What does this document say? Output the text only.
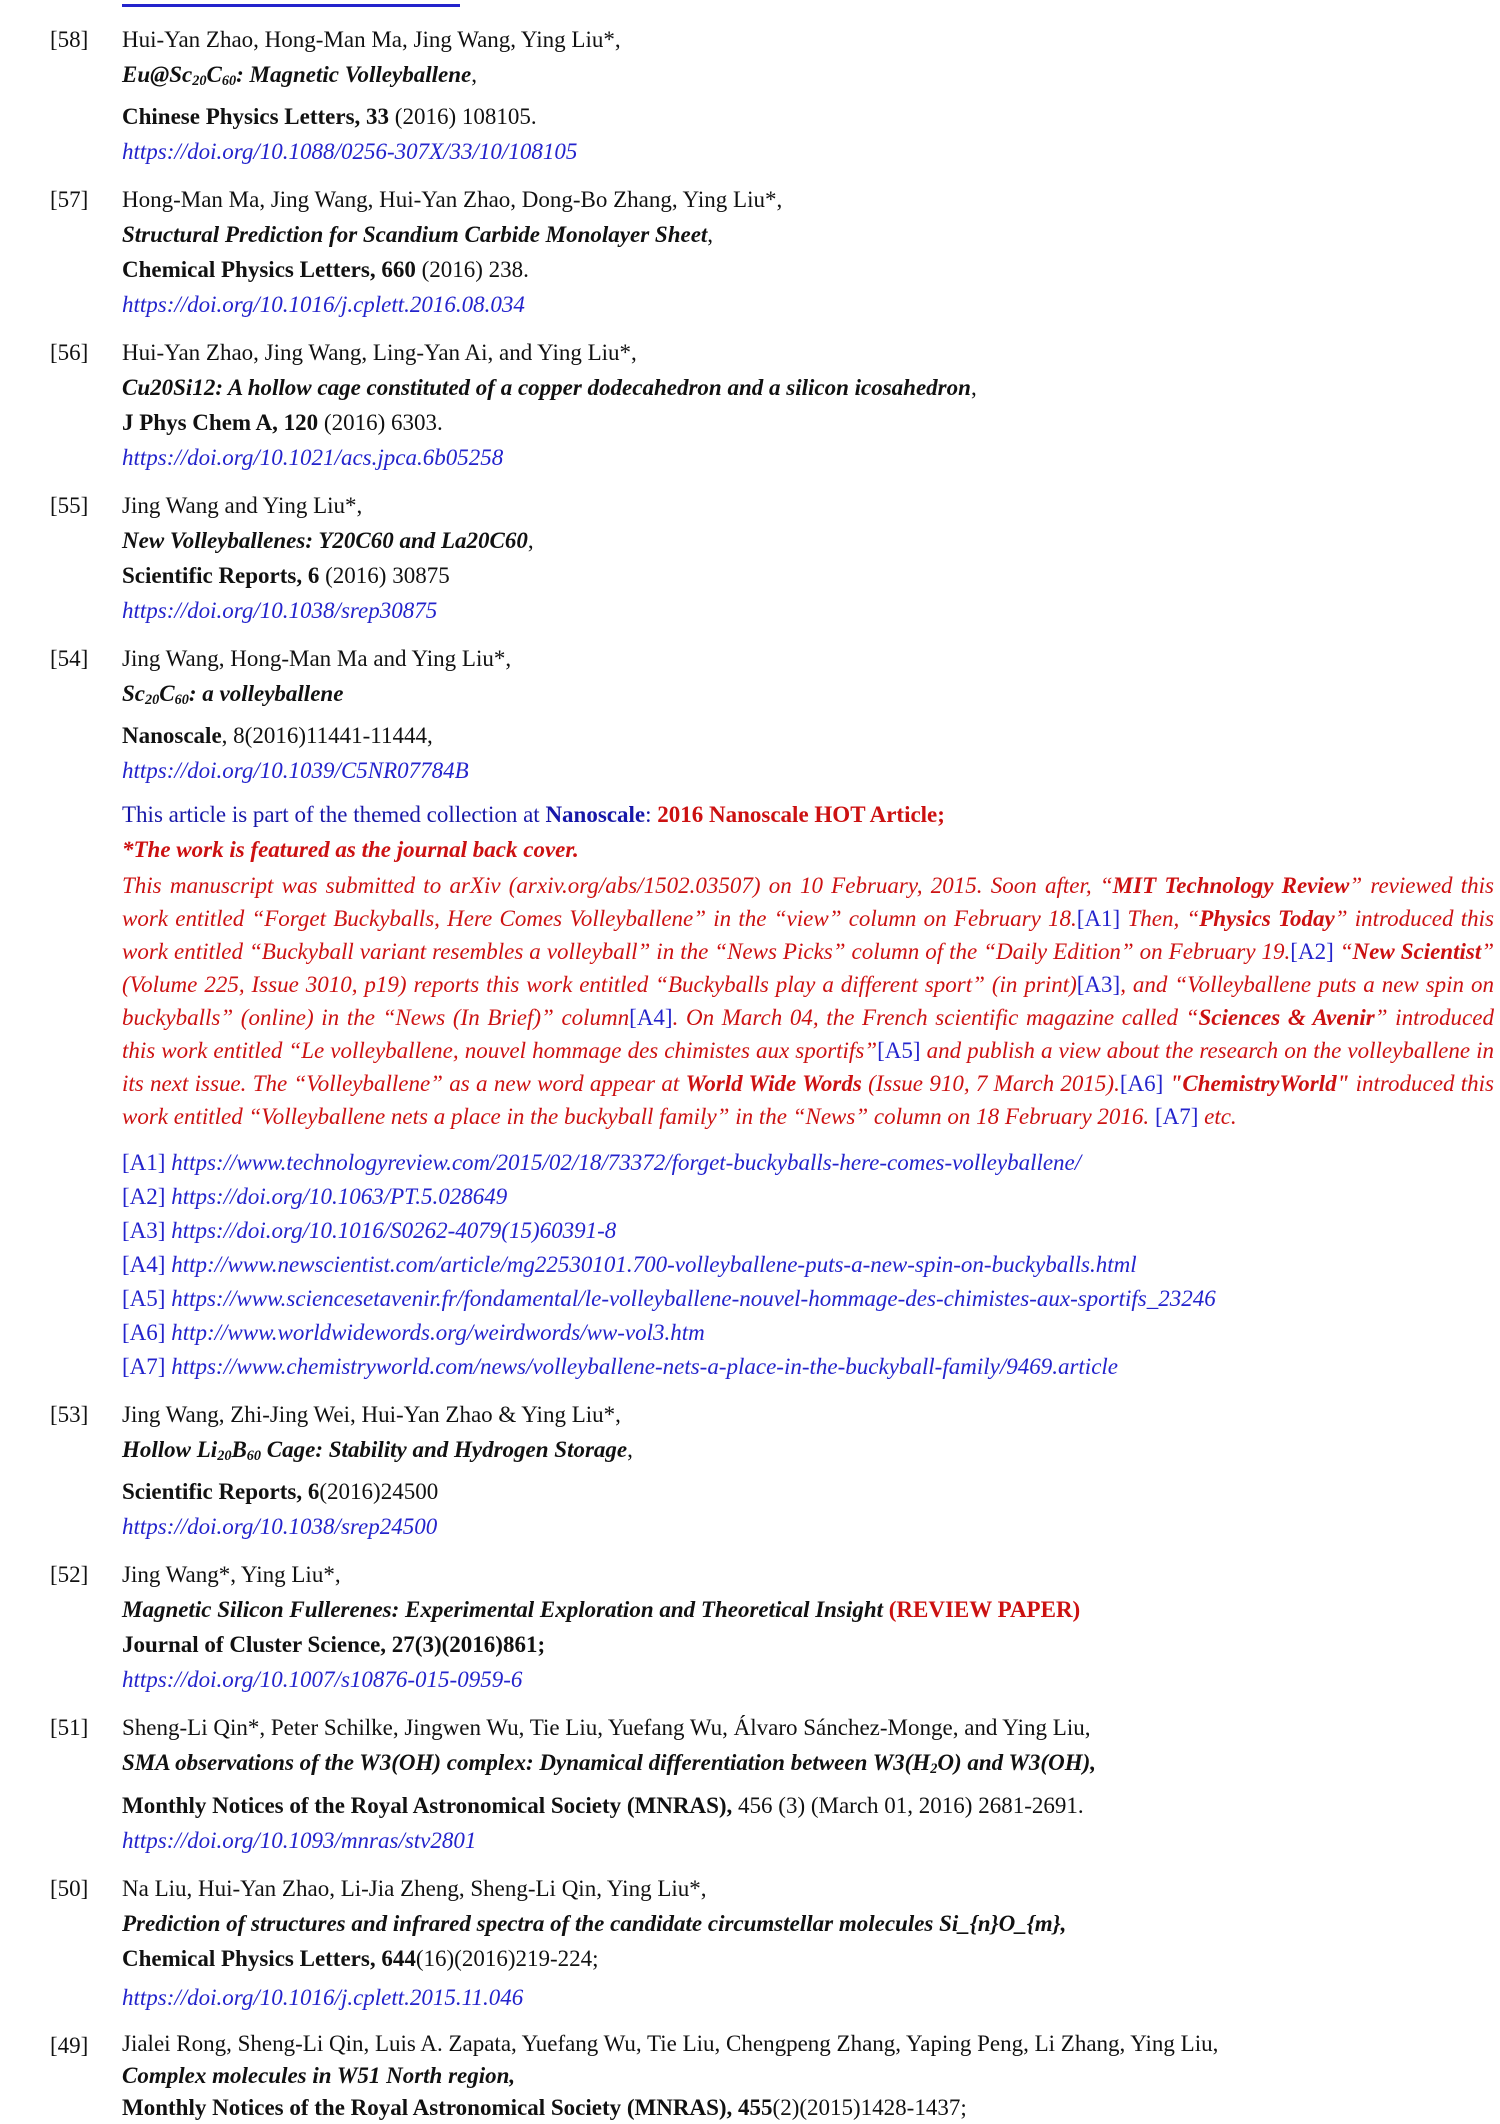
[58] Hui-Yan Zhao, Hong-Man Ma, Jing Wang, Ying Liu*,
$Eu@Sc_{20}C_{60}$: Magnetic Volleyballene,
Chinese Physics Letters, 33 (2016) 108105.
https://doi.org/10.1088/0256-307X/33/10/108105
[57] Hong-Man Ma, Jing Wang, Hui-Yan Zhao, Dong-Bo Zhang, Ying Liu*,
Structural Prediction for Scandium Carbide Monolayer Sheet,
Chemical Physics Letters, 660 (2016) 238.
https://doi.org/10.1016/j.cplett.2016.08.034
[56] Hui-Yan Zhao, Jing Wang, Ling-Yan Ai, and Ying Liu*,
Cu20Si12: A hollow cage constituted of a copper dodecahedron and a silicon icosahedron,
J Phys Chem A, 120 (2016) 6303.
https://doi.org/10.1021/acs.jpca.6b05258
[55] Jing Wang and Ying Liu*,
New Volleyballenes: Y20C60 and La20C60,
Scientific Reports, 6 (2016) 30875
https://doi.org/10.1038/srep30875
[54] Jing Wang, Hong-Man Ma and Ying Liu*,
$Sc_{20}C_{60}$: a volleyballene
Nanoscale, 8(2016)11441-11444,
https://doi.org/10.1039/C5NR07784B
This article is part of the themed collection at Nanoscale: 2016 Nanoscale HOT Article;
*The work is featured as the journal back cover.
This manuscript was submitted to arXiv (arxiv.org/abs/1502.03507) on 10 February, 2015. Soon after, “MIT Technology Review” reviewed this work entitled “Forget Buckyballs, Here Comes Volleyballene” in the “view” column on February 18.[A1] Then, “Physics Today” introduced this work entitled “Buckyball variant resembles a volleyball” in the “News Picks” column of the “Daily Edition” on February 19.[A2] “New Scientist” (Volume 225, Issue 3010, p19) reports this work entitled “Buckyballs play a different sport” (in print)[A3], and “Volleyballene puts a new spin on buckyballs” (online) in the “News (In Brief)” column[A4]. On March 04, the French scientific magazine called “Sciences & Avenir” introduced this work entitled “Le volleyballene, nouvel hommage des chimistes aux sportifs”[A5] and publish a view about the research on the volleyballene in its next issue. The “Volleyballene” as a new word appear at World Wide Words (Issue 910, 7 March 2015).[A6] "ChemistryWorld" introduced this work entitled “Volleyballene nets a place in the buckyball family” in the “News” column on 18 February 2016. [A7] etc.
[A1] https://www.technologyreview.com/2015/02/18/73372/forget-buckyballs-here-comes-volleyballene/
[A2] https://doi.org/10.1063/PT.5.028649
[A3] https://doi.org/10.1016/S0262-4079(15)60391-8
[A4] http://www.newscientist.com/article/mg22530101.700-volleyballene-puts-a-new-spin-on-buckyballs.html
[A5] https://www.sciencesetavenir.fr/fondamental/le-volleyballene-nouvel-hommage-des-chimistes-aux-sportifs_23246
[A6] http://www.worldwidewords.org/weirdwords/ww-vol3.htm
[A7] https://www.chemistryworld.com/news/volleyballene-nets-a-place-in-the-buckyball-family/9469.article
[53] Jing Wang, Zhi-Jing Wei, Hui-Yan Zhao & Ying Liu*,
Hollow $Li_{20}B_{60}$ Cage: Stability and Hydrogen Storage,
Scientific Reports, 6(2016)24500
https://doi.org/10.1038/srep24500
[52] Jing Wang*, Ying Liu*,
Magnetic Silicon Fullerenes: Experimental Exploration and Theoretical Insight (REVIEW PAPER)
Journal of Cluster Science, 27(3)(2016)861;
https://doi.org/10.1007/s10876-015-0959-6
[51] Sheng-Li Qin*, Peter Schilke, Jingwen Wu, Tie Liu, Yuefang Wu, Álvaro Sánchez-Monge, and Ying Liu,
SMA observations of the W3(OH) complex: Dynamical differentiation between $W3(H_2O)$ and W3(OH),
Monthly Notices of the Royal Astronomical Society (MNRAS), 456 (3) (March 01, 2016) 2681-2691.
https://doi.org/10.1093/mnras/stv2801
[50] Na Liu, Hui-Yan Zhao, Li-Jia Zheng, Sheng-Li Qin, Ying Liu*,
Prediction of structures and infrared spectra of the candidate circumstellar molecules Si_{n}O_{m},
Chemical Physics Letters, 644(16)(2016)219-224;
https://doi.org/10.1016/j.cplett.2015.11.046
[49] Jialei Rong, Sheng-Li Qin, Luis A. Zapata, Yuefang Wu, Tie Liu, Chengpeng Zhang, Yaping Peng, Li Zhang, Ying Liu,
Complex molecules in W51 North region,
Monthly Notices of the Royal Astronomical Society (MNRAS), 455(2)(2015)1428-1437;
